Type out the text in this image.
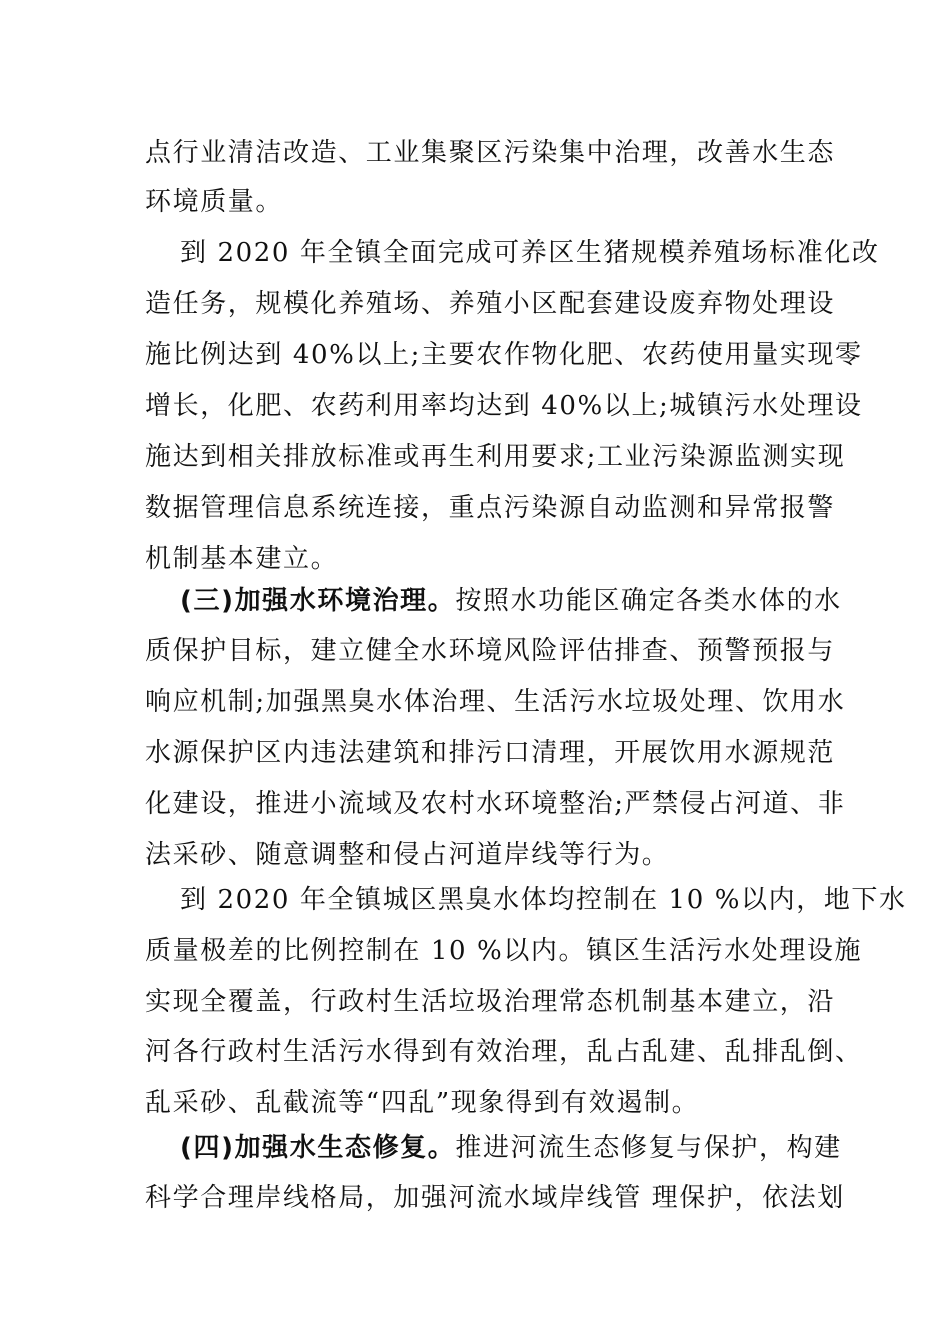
点行业清洁改造、工业集聚区污染集中治理，改善水生态
环境质量。
到 2020 年全镇全面完成可养区生猪规模养殖场标准化改
造任务，规模化养殖场、养殖小区配套建设废弃物处理设
施比例达到 40%以上;主要农作物化肥、农药使用量实现零
增长，化肥、农药利用率均达到 40%以上;城镇污水处理设
施达到相关排放标准或再生利用要求;工业污染源监测实现
数据管理信息系统连接，重点污染源自动监测和异常报警
机制基本建立。
(三)加强水环境治理。按照水功能区确定各类水体的水
质保护目标，建立健全水环境风险评估排查、预警预报与
响应机制;加强黑臭水体治理、生活污水垃圾处理、饮用水
水源保护区内违法建筑和排污口清理，开展饮用水源规范
化建设，推进小流域及农村水环境整治;严禁侵占河道、非
法采砂、随意调整和侵占河道岸线等行为。
到 2020 年全镇城区黑臭水体均控制在 10 %以内，地下水
质量极差的比例控制在 10 %以内。镇区生活污水处理设施
实现全覆盖，行政村生活垃圾治理常态机制基本建立，沿
河各行政村生活污水得到有效治理，乱占乱建、乱排乱倒、
乱采砂、乱截流等“四乱”现象得到有效遏制。
(四)加强水生态修复。推进河流生态修复与保护，构建
科学合理岸线格局，加强河流水域岸线管 理保护，依法划
